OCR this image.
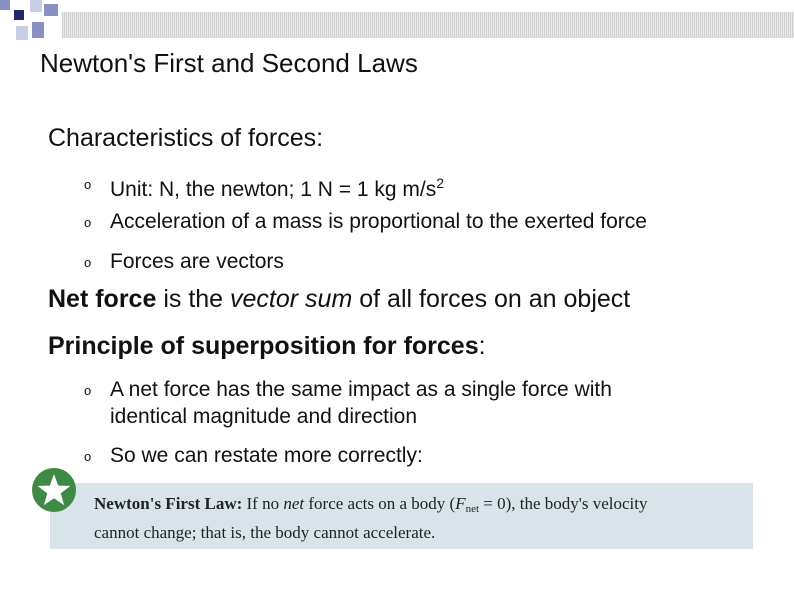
Newton's First and Second Laws
Characteristics of forces:
o Unit: N, the newton; 1 N = 1 kg $m/s^2$
o Acceleration of a mass is proportional to the exerted force
o Forces are vectors
Net force is the vector sum of all forces on an object
Principle of superposition for forces:
o A net force has the same impact as a single force with
identical magnitude and direction
o So we can restate more correctly:
Newton's First Law: If no net force acts on a body $(F_{net} = 0)$, the body's velocity
cannot change; that is, the body cannot accelerate.
